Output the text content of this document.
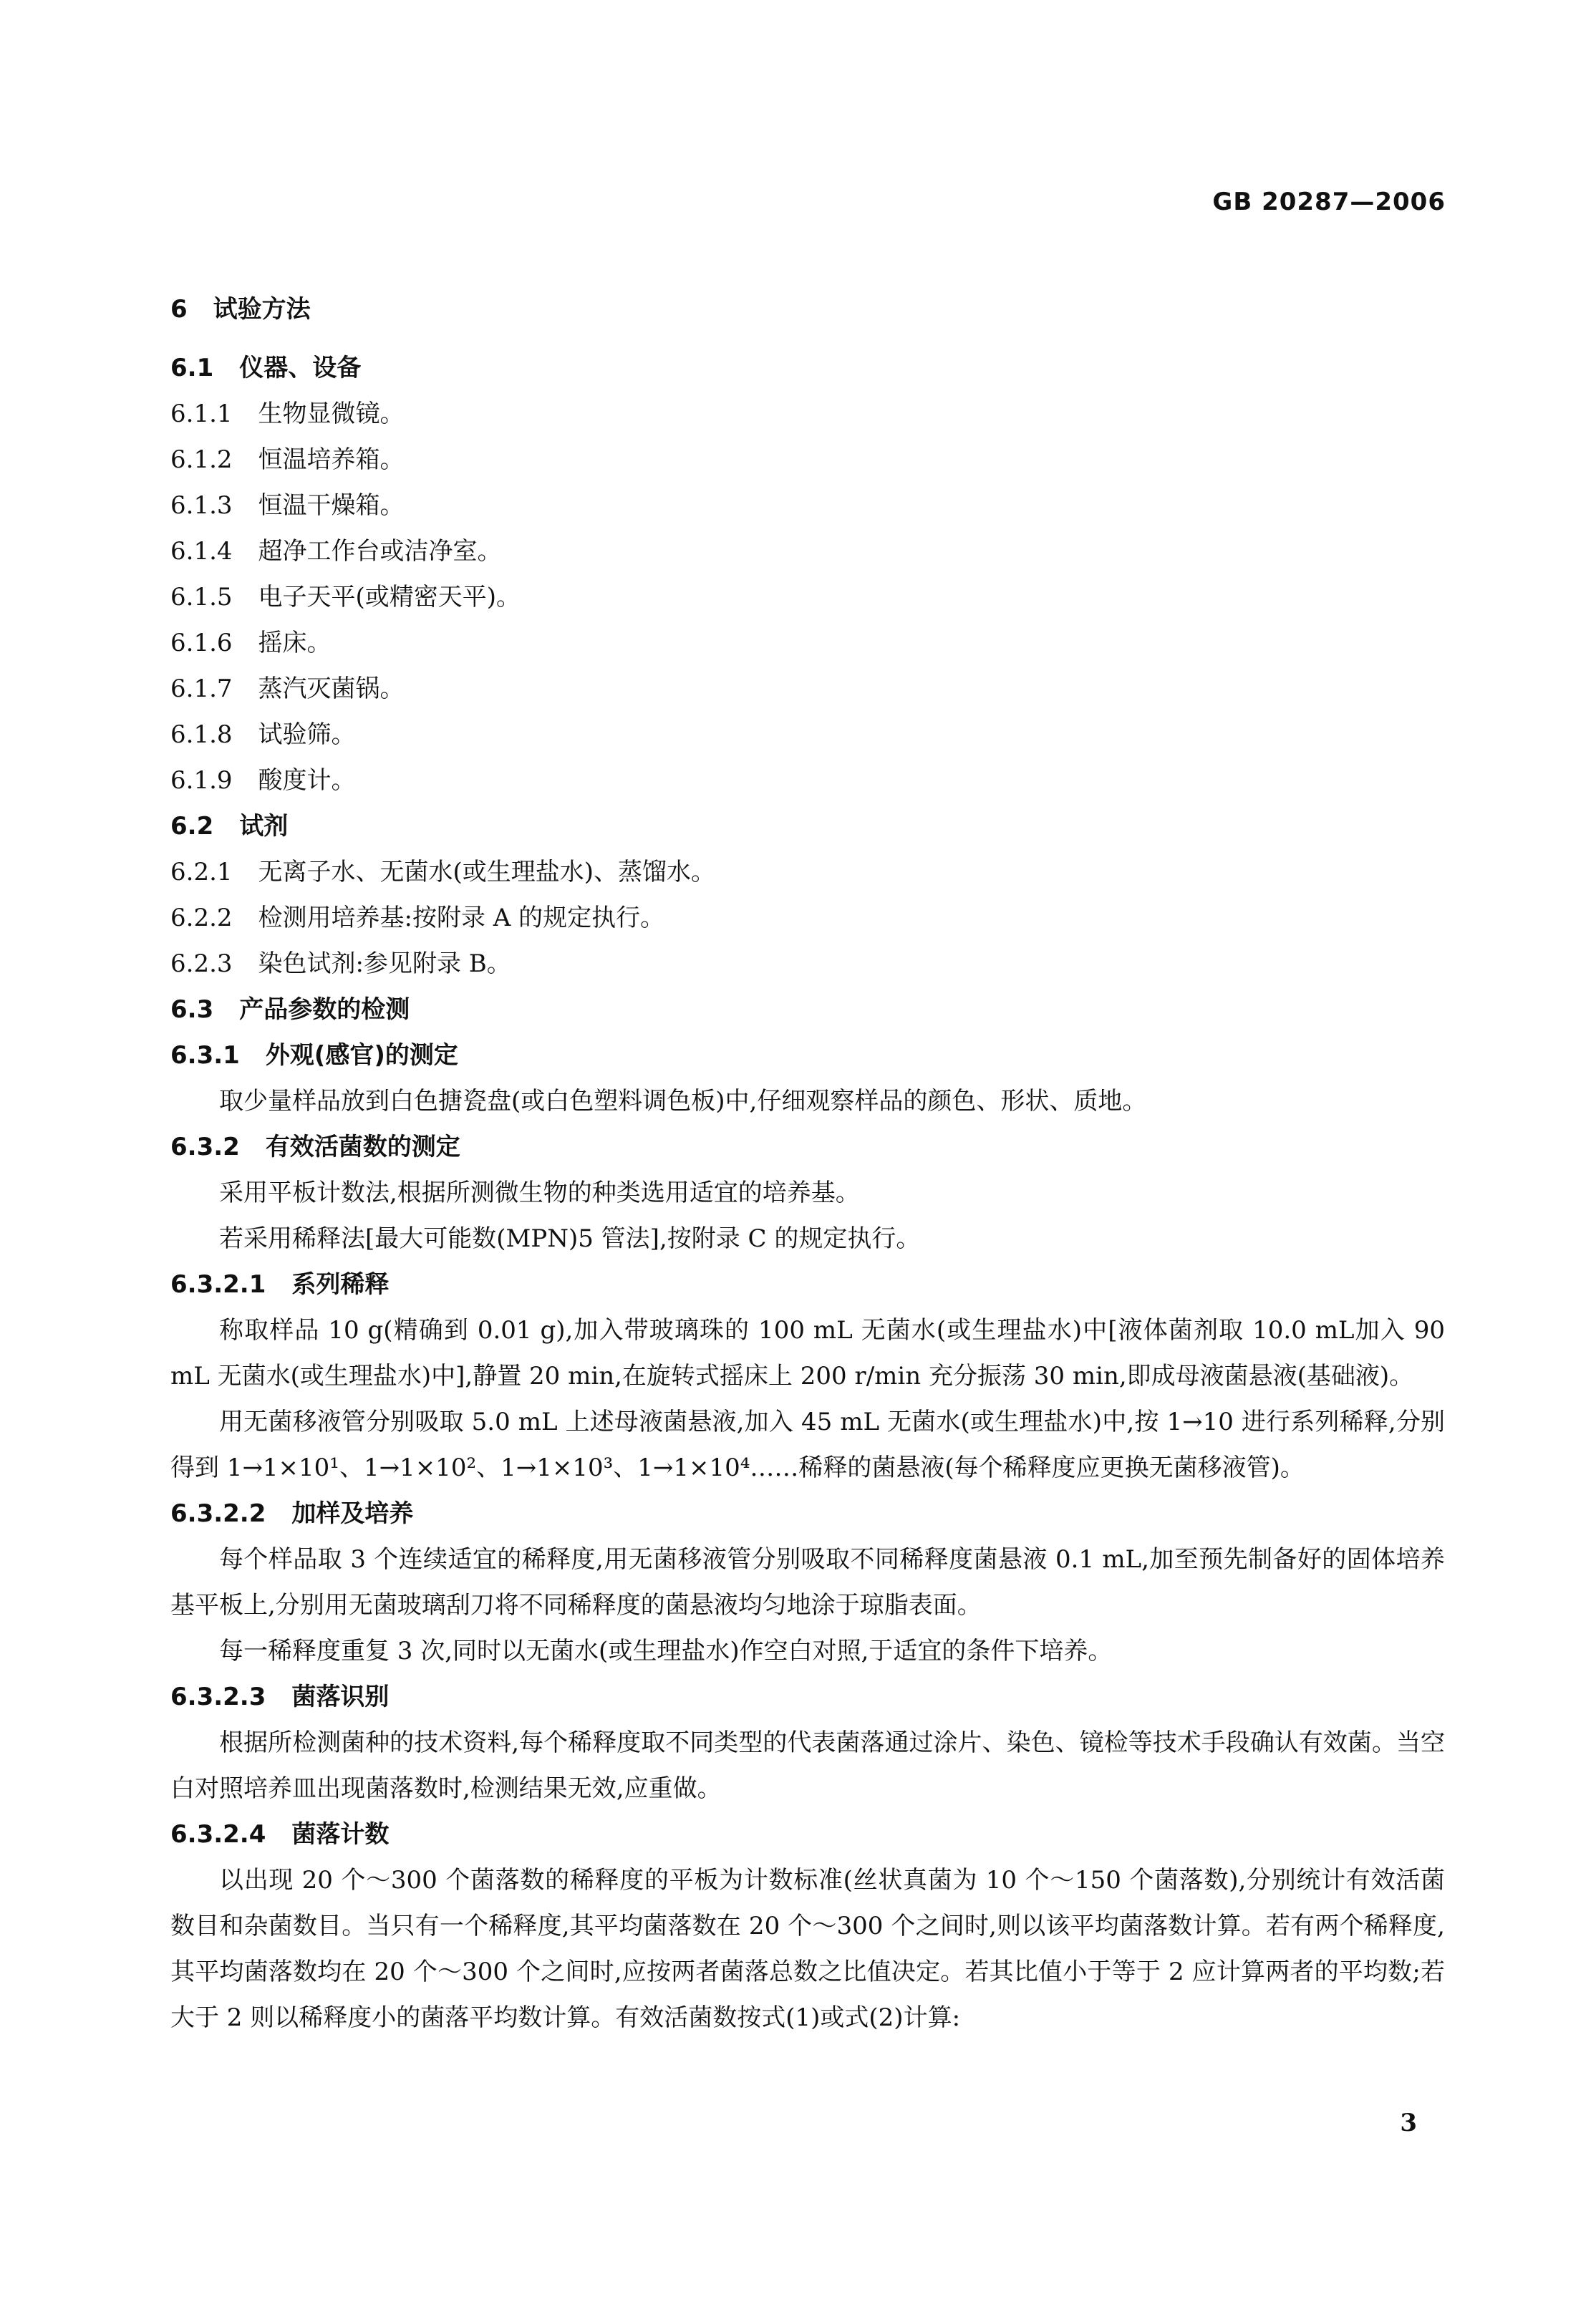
GB 20287—2006
6 试验方法
6.1 仪器、设备
6.1.1 生物显微镜。
6.1.2 恒温培养箱。
6.1.3 恒温干燥箱。
6.1.4 超净工作台或洁净室。
6.1.5 电子天平(或精密天平)。
6.1.6 摇床。
6.1.7 蒸汽灭菌锅。
6.1.8 试验筛。
6.1.9 酸度计。
6.2 试剂
6.2.1 无离子水、无菌水(或生理盐水)、蒸馏水。
6.2.2 检测用培养基:按附录 A 的规定执行。
6.2.3 染色试剂:参见附录 B。
6.3 产品参数的检测
6.3.1 外观(感官)的测定
取少量样品放到白色搪瓷盘(或白色塑料调色板)中,仔细观察样品的颜色、形状、质地。
6.3.2 有效活菌数的测定
采用平板计数法,根据所测微生物的种类选用适宜的培养基。
若采用稀释法[最大可能数(MPN)5 管法],按附录 C 的规定执行。
6.3.2.1 系列稀释
称取样品 10 g(精确到 0.01 g),加入带玻璃珠的 100 mL 无菌水(或生理盐水)中[液体菌剂取 10.0 mL加入 90 mL 无菌水(或生理盐水)中],静置 20 min,在旋转式摇床上 200 r/min 充分振荡 30 min,即成母液菌悬液(基础液)。
用无菌移液管分别吸取 5.0 mL 上述母液菌悬液,加入 45 mL 无菌水(或生理盐水)中,按 1→10 进行系列稀释,分别得到 1→1×10¹、1→1×10²、1→1×10³、1→1×10⁴……稀释的菌悬液(每个稀释度应更换无菌移液管)。
6.3.2.2 加样及培养
每个样品取 3 个连续适宜的稀释度,用无菌移液管分别吸取不同稀释度菌悬液 0.1 mL,加至预先制备好的固体培养基平板上,分别用无菌玻璃刮刀将不同稀释度的菌悬液均匀地涂于琼脂表面。
每一稀释度重复 3 次,同时以无菌水(或生理盐水)作空白对照,于适宜的条件下培养。
6.3.2.3 菌落识别
根据所检测菌种的技术资料,每个稀释度取不同类型的代表菌落通过涂片、染色、镜检等技术手段确认有效菌。当空白对照培养皿出现菌落数时,检测结果无效,应重做。
6.3.2.4 菌落计数
以出现 20 个～300 个菌落数的稀释度的平板为计数标准(丝状真菌为 10 个～150 个菌落数),分别统计有效活菌数目和杂菌数目。当只有一个稀释度,其平均菌落数在 20 个～300 个之间时,则以该平均菌落数计算。若有两个稀释度,其平均菌落数均在 20 个～300 个之间时,应按两者菌落总数之比值决定。若其比值小于等于 2 应计算两者的平均数;若大于 2 则以稀释度小的菌落平均数计算。有效活菌数按式(1)或式(2)计算:
3
